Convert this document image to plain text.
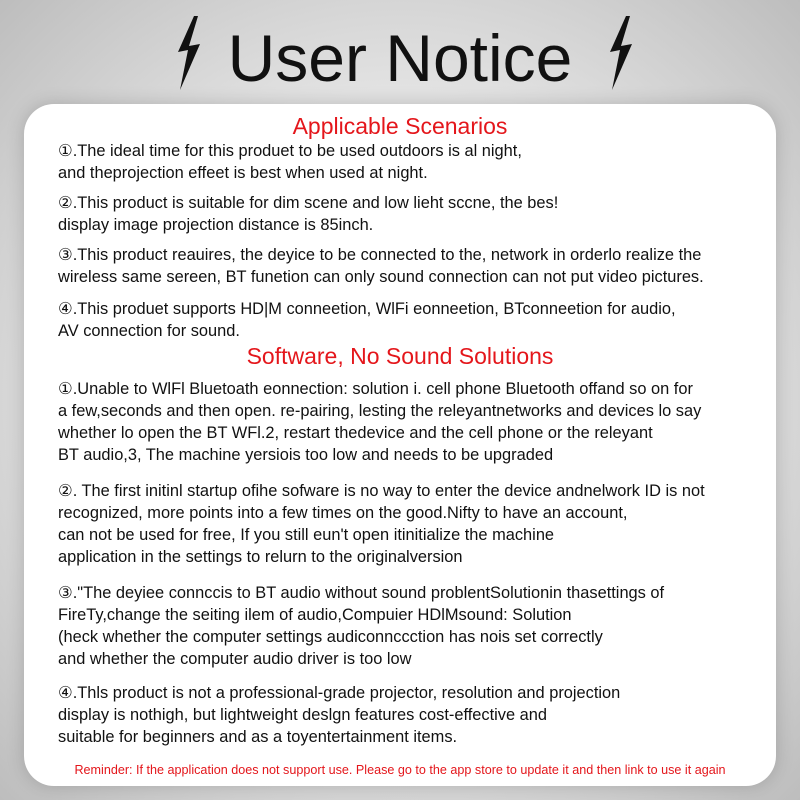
User Notice
Applicable Scenarios
①.The ideal time for this produet to be used outdoors is al night,
and theprojection effeet is best when used at night.
②.This product is suitable for dim scene and low lieht sccne, the bes!
display image projection distance is 85inch.
③.This product reauires, the deyice to be connected to the, network in orderlo realize the
wireless same sereen, BT funetion can only sound connection can not put video pictures.
④.This produet supports HD|M conneetion, WlFi eonneetion, BTconneetion for audio,
AV connection for sound.
Software, No Sound Solutions
①.Unable to WlFl Bluetoath eonnection: solution i. cell phone Bluetooth offand so on for
a few,seconds and then open. re-pairing, lesting the releyantnetworks and devices lo say
whether lo open the BT WFl.2, restart thedevice and the cell phone or the releyant
BT audio,3, The machine yersiois too low and needs to be upgraded
②. The first initinl startup ofihe sofware is no way to enter the device andnelwork ID is not
recognized, more points into a few times on the good.Nifty to have an account,
can not be used for free, If you still eun't open itinitialize the machine
application in the settings to relurn to the originalversion
③."The deyiee connccis to BT audio without sound problentSolutionin thasettings of
FireTy,change the seiting ilem of audio,Compuier HDlMsound: Solution
(heck whether the computer settings audiconnccction has nois set correctly
and whether the computer audio driver is too low
④.Thls product is not a professional-grade projector, resolution and projection
display is nothigh, but lightweight deslgn features cost-effective and
suitable for beginners and as a toyentertainment items.
Reminder: If the application does not support use. Please go to the app store to update it and then link to use it again
